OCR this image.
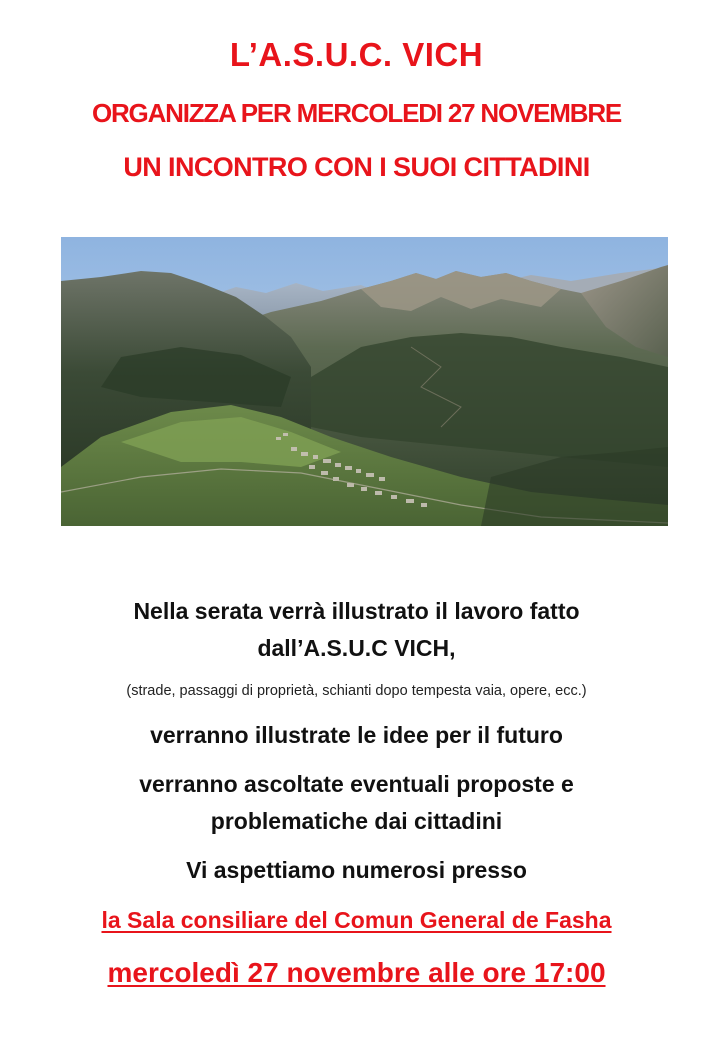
L’A.S.U.C. VICH
ORGANIZZA PER MERCOLEDI 27 NOVEMBRE
UN INCONTRO CON I SUOI CITTADINI
Nella serata verrà illustrato il lavoro fatto
dall’A.S.U.C VICH,
(strade, passaggi di proprietà, schianti dopo tempesta vaia, opere, ecc.)
verranno illustrate le idee per il futuro
verranno ascoltate eventuali proposte e
problematiche dai cittadini
Vi aspettiamo numerosi presso
la Sala consiliare del Comun General de Fasha
mercoledì 27 novembre alle ore 17:00
